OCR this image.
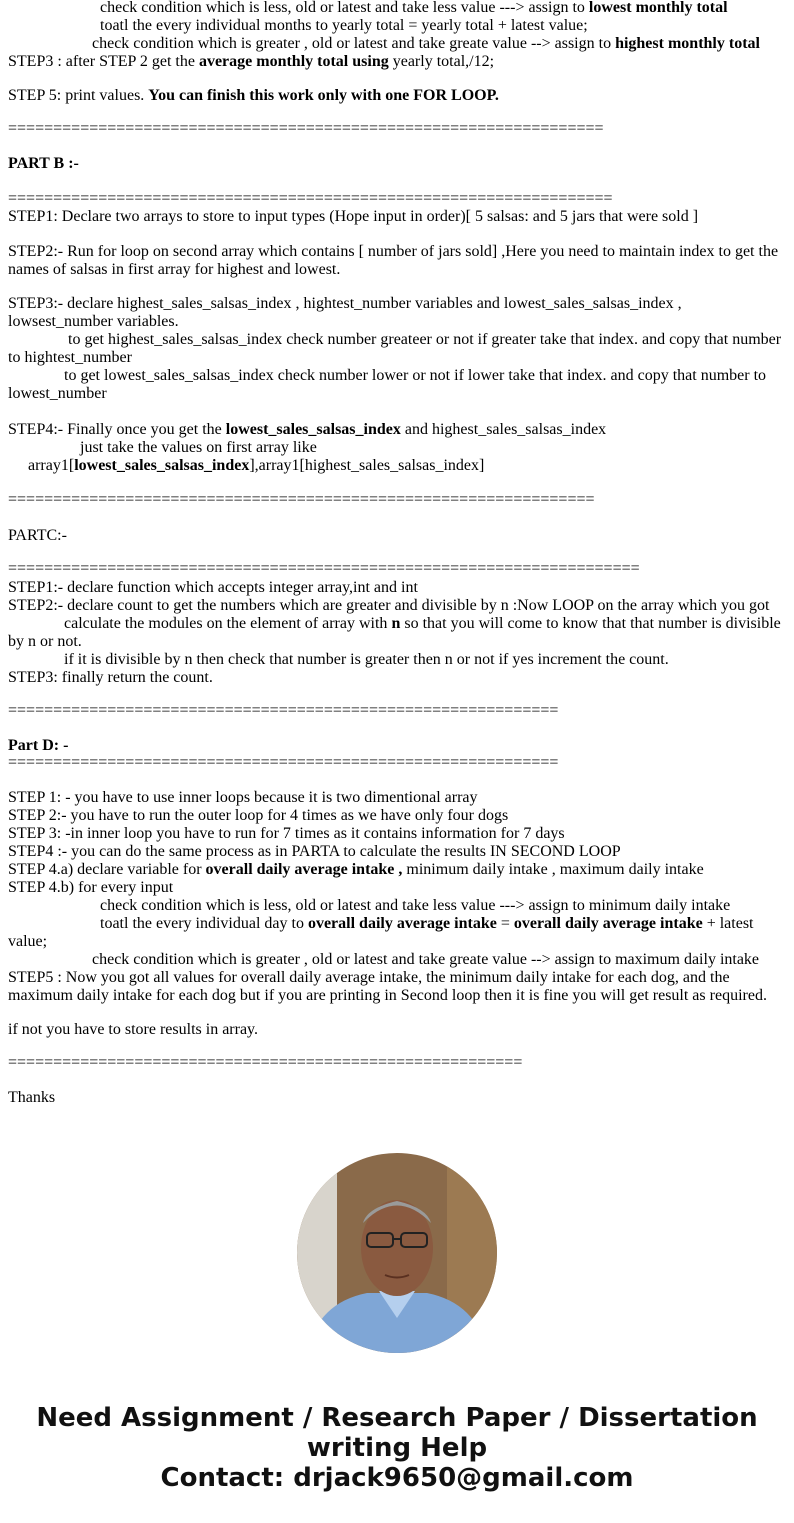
check condition which is less, old or latest and take less value ---> assign to lowest monthly total
toatl the every individual months to yearly total = yearly total + latest value;
check condition which is greater , old or latest and take greate value --> assign to highest monthly total
STEP3 : after STEP 2 get the average monthly total using yearly total,/12;
STEP 5: print values. You can finish this work only with one FOR LOOP.
==================================================================
PART B :-
===================================================================
STEP1: Declare two arrays to store to input types (Hope input in order)[ 5 salsas: and 5 jars that were sold ]
STEP2:- Run for loop on second array which contains [ number of jars sold] ,Here you need to maintain index to get the
names of salsas in first array for highest and lowest.
STEP3:- declare highest_sales_salsas_index , hightest_number variables and lowest_sales_salsas_index ,
lowsest_number variables.
to get highest_sales_salsas_index check number greateer or not if greater take that index. and copy that number
to hightest_number
to get lowest_sales_salsas_index check number lower or not if lower take that index. and copy that number to
lowest_number
STEP4:- Finally once you get the lowest_sales_salsas_index and highest_sales_salsas_index
just take the values on first array like
array1[lowest_sales_salsas_index],array1[highest_sales_salsas_index]
=================================================================
PARTC:-
======================================================================
STEP1:- declare function which accepts integer array,int and int
STEP2:- declare count to get the numbers which are greater and divisible by n :Now LOOP on the array which you got
calculate the modules on the element of array with n so that you will come to know that that number is divisible
by n or not.
if it is divisible by n then check that number is greater then n or not if yes increment the count.
STEP3: finally return the count.
=============================================================
Part D: -
=============================================================
STEP 1: - you have to use inner loops because it is two dimentional array
STEP 2:- you have to run the outer loop for 4 times as we have only four dogs
STEP 3: -in inner loop you have to run for 7 times as it contains information for 7 days
STEP4 :- you can do the same process as in PARTA to calculate the results IN SECOND LOOP
STEP 4.a) declare variable for overall daily average intake , minimum daily intake , maximum daily intake
STEP 4.b) for every input
check condition which is less, old or latest and take less value ---> assign to minimum daily intake
toatl the every individual day to overall daily average intake = overall daily average intake + latest
value;
check condition which is greater , old or latest and take greate value --> assign to maximum daily intake
STEP5 : Now you got all values for overall daily average intake, the minimum daily intake for each dog, and the
maximum daily intake for each dog but if you are printing in Second loop then it is fine you will get result as required.
if not you have to store results in array.
=========================================================
Thanks
Need Assignment / Research Paper / Dissertation
writing Help
Contact: drjack9650@gmail.com
